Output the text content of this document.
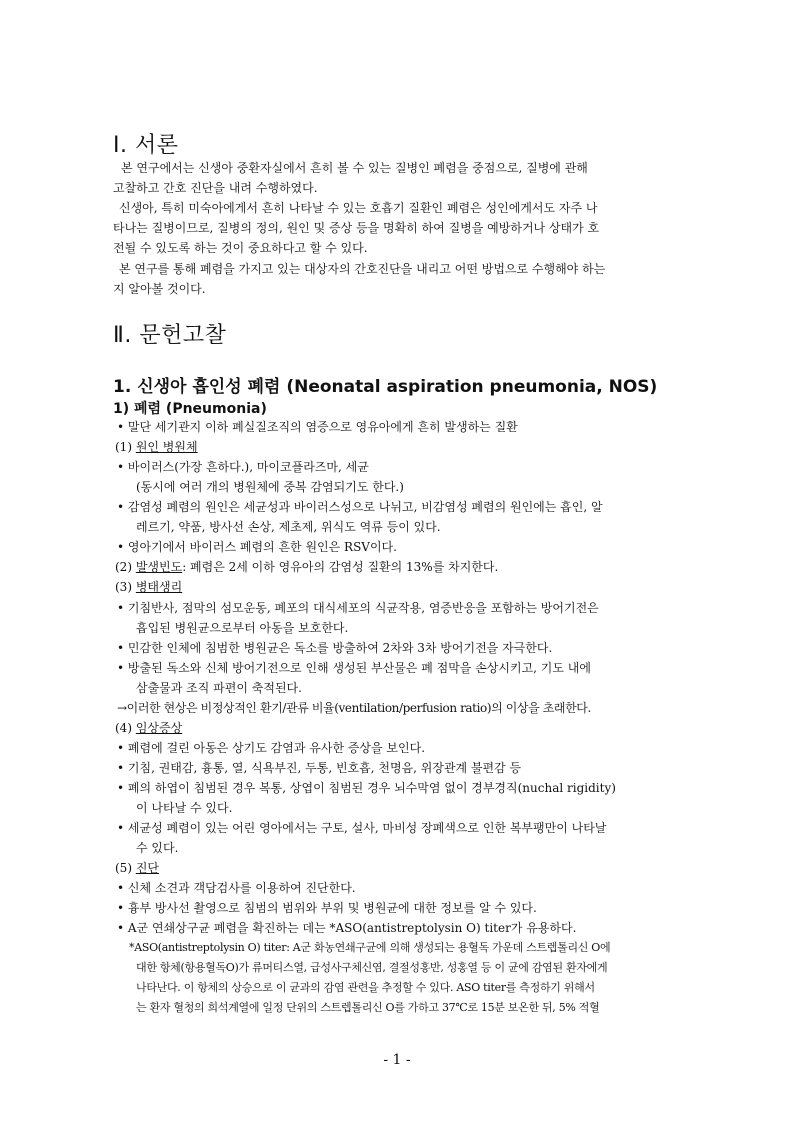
Ⅰ. 서론
본 연구에서는 신생아 중환자실에서 흔히 볼 수 있는 질병인 폐렴을 중점으로, 질병에 관해
고찰하고 간호 진단을 내려 수행하였다.
신생아, 특히 미숙아에게서 흔히 나타날 수 있는 호흡기 질환인 폐렴은 성인에게서도 자주 나
타나는 질병이므로, 질병의 정의, 원인 및 증상 등을 명확히 하여 질병을 예방하거나 상태가 호
전될 수 있도록 하는 것이 중요하다고 할 수 있다.
본 연구를 통해 폐렴을 가지고 있는 대상자의 간호진단을 내리고 어떤 방법으로 수행해야 하는
지 알아볼 것이다.
Ⅱ. 문헌고찰
1. 신생아 흡인성 폐렴 (Neonatal aspiration pneumonia, NOS)
1) 폐렴 (Pneumonia)
• 말단 세기관지 이하 폐실질조직의 염증으로 영유아에게 흔히 발생하는 질환
(1) 원인 병원체
• 바이러스(가장 흔하다.), 마이코플라즈마, 세균
(동시에 여러 개의 병원체에 중복 감염되기도 한다.)
• 감염성 폐렴의 원인은 세균성과 바이러스성으로 나뉘고, 비감염성 폐렴의 원인에는 흡인, 알
레르기, 약품, 방사선 손상, 제초제, 위식도 역류 등이 있다.
• 영아기에서 바이러스 폐렴의 흔한 원인은 RSV이다.
(2) 발생빈도: 폐렴은 2세 이하 영유아의 감염성 질환의 13%를 차지한다.
(3) 병태생리
• 기침반사, 점막의 섬모운동, 폐포의 대식세포의 식균작용, 염증반응을 포함하는 방어기전은
흡입된 병원균으로부터 아동을 보호한다.
• 민감한 인체에 침범한 병원균은 독소를 방출하여 2차와 3차 방어기전을 자극한다.
• 방출된 독소와 신체 방어기전으로 인해 생성된 부산물은 폐 점막을 손상시키고, 기도 내에
삼출물과 조직 파편이 축적된다.
→이러한 현상은 비정상적인 환기/관류 비율(ventilation/perfusion ratio)의 이상을 초래한다.
(4) 임상증상
• 폐렴에 걸린 아동은 상기도 감염과 유사한 증상을 보인다.
• 기침, 권태감, 흉통, 열, 식욕부진, 두통, 빈호흡, 천명음, 위장관계 불편감 등
• 폐의 하엽이 침범된 경우 복통, 상엽이 침범된 경우 뇌수막염 없이 경부경직(nuchal rigidity)
이 나타날 수 있다.
• 세균성 폐렴이 있는 어린 영아에서는 구토, 설사, 마비성 장폐색으로 인한 복부팽만이 나타날
수 있다.
(5) 진단
• 신체 소견과 객담검사를 이용하여 진단한다.
• 흉부 방사선 촬영으로 침범의 범위와 부위 및 병원균에 대한 정보를 알 수 있다.
• A군 연쇄상구균 폐렴을 확진하는 데는 *ASO(antistreptolysin O) titer가 유용하다.
*ASO(antistreptolysin O) titer: A군 화농연쇄구균에 의해 생성되는 용혈독 가운데 스트렙톨리신 O에
대한 항체(항용혈독O)가 류머티스열, 급성사구체신염, 결절성홍반, 성홍열 등 이 균에 감염된 환자에게
나타난다. 이 항체의 상승으로 이 균과의 감염 관련을 추정할 수 있다. ASO titer를 측정하기 위해서
는 환자 혈청의 희석계열에 일정 단위의 스트렙톨리신 O를 가하고 37℃로 15분 보온한 뒤, 5% 적혈
- 1 -
